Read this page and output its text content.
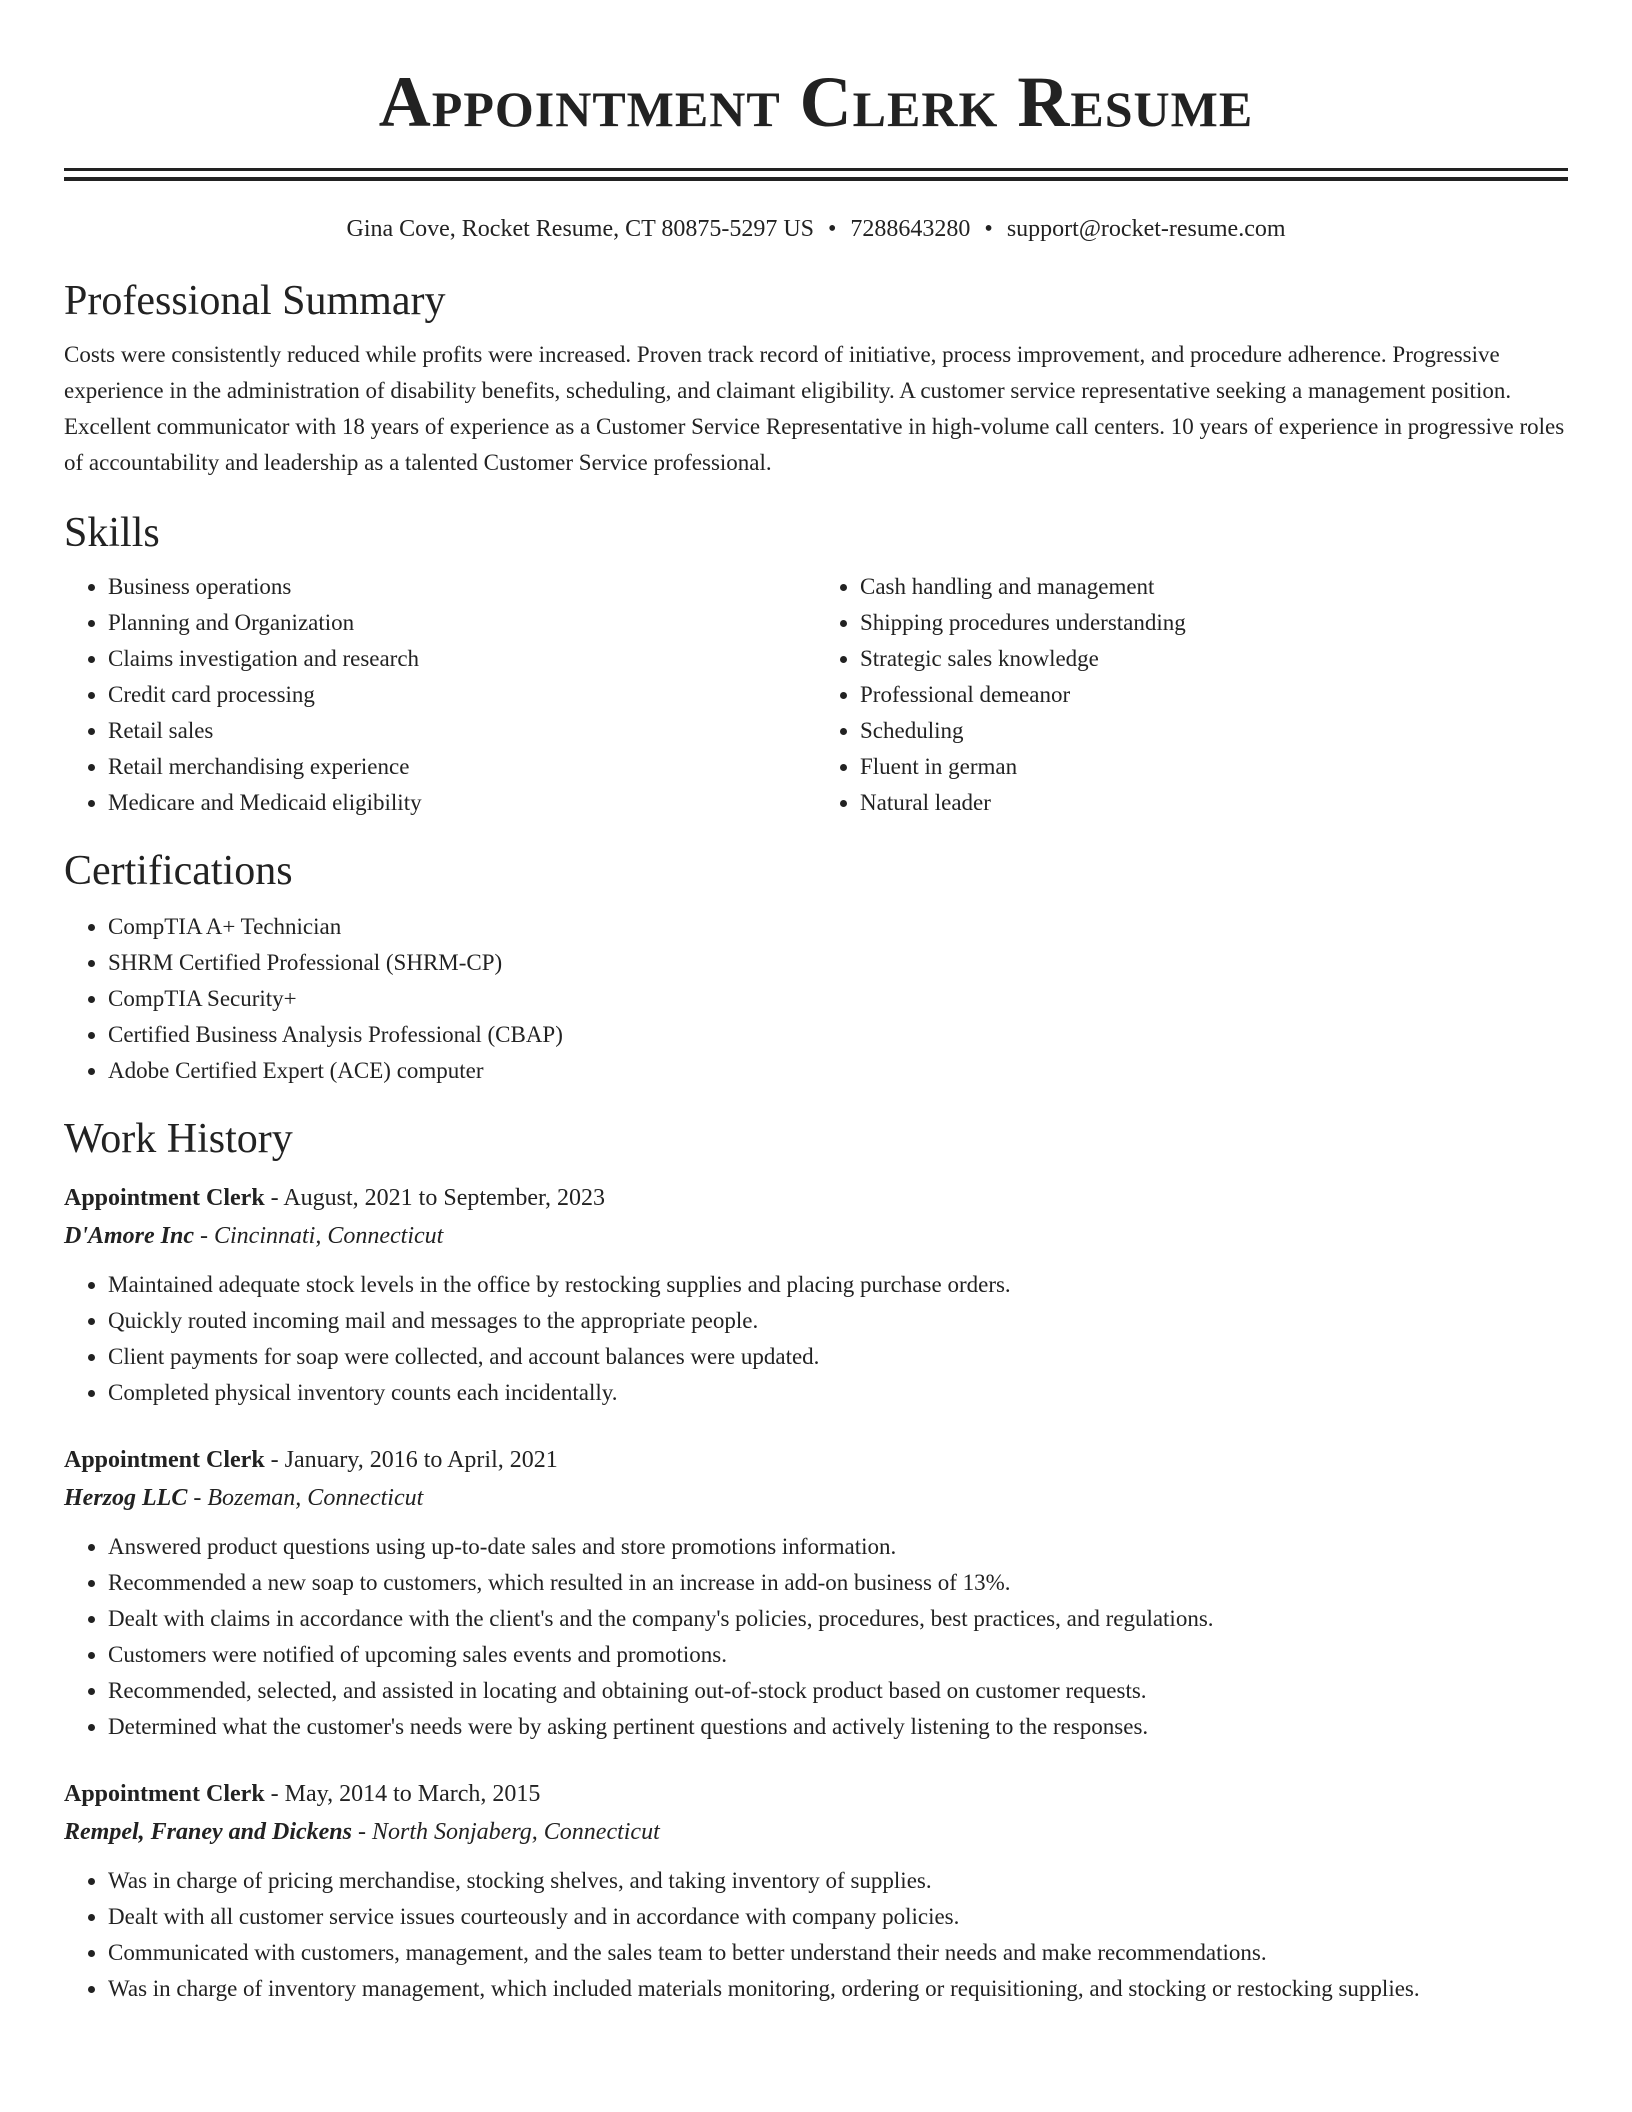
Appointment Clerk Resume
Gina Cove, Rocket Resume, CT 80875-5297 US • 7288643280 • support@rocket-resume.com
Professional Summary

Costs were consistently reduced while profits were increased. Proven track record of initiative, process improvement, and procedure adherence. Progressive experience in the administration of disability benefits, scheduling, and claimant eligibility. A customer service representative seeking a management position. Excellent communicator with 18 years of experience as a Customer Service Representative in high-volume call centers. 10 years of experience in progressive roles of accountability and leadership as a talented Customer Service professional.

Skills
• Business operations
• Planning and Organization
• Claims investigation and research
• Credit card processing
• Retail sales
• Retail merchandising experience
• Medicare and Medicaid eligibility
• Cash handling and management
• Shipping procedures understanding
• Strategic sales knowledge
• Professional demeanor
• Scheduling
• Fluent in german
• Natural leader
Certifications
• CompTIA A+ Technician
• SHRM Certified Professional (SHRM-CP)
• CompTIA Security+
• Certified Business Analysis Professional (CBAP)
• Adobe Certified Expert (ACE) computer
Work History
Appointment Clerk - August, 2021 to September, 2023
D'Amore Inc - Cincinnati, Connecticut
• Maintained adequate stock levels in the office by restocking supplies and placing purchase orders.
• Quickly routed incoming mail and messages to the appropriate people.
• Client payments for soap were collected, and account balances were updated.
• Completed physical inventory counts each incidentally.
Appointment Clerk - January, 2016 to April, 2021
Herzog LLC - Bozeman, Connecticut
• Answered product questions using up-to-date sales and store promotions information.
• Recommended a new soap to customers, which resulted in an increase in add-on business of 13%.
• Dealt with claims in accordance with the client's and the company's policies, procedures, best practices, and regulations.
• Customers were notified of upcoming sales events and promotions.
• Recommended, selected, and assisted in locating and obtaining out-of-stock product based on customer requests.
• Determined what the customer's needs were by asking pertinent questions and actively listening to the responses.
Appointment Clerk - May, 2014 to March, 2015
Rempel, Franey and Dickens - North Sonjaberg, Connecticut
• Was in charge of pricing merchandise, stocking shelves, and taking inventory of supplies.
• Dealt with all customer service issues courteously and in accordance with company policies.
• Communicated with customers, management, and the sales team to better understand their needs and make recommendations.
• Was in charge of inventory management, which included materials monitoring, ordering or requisitioning, and stocking or restocking supplies.
